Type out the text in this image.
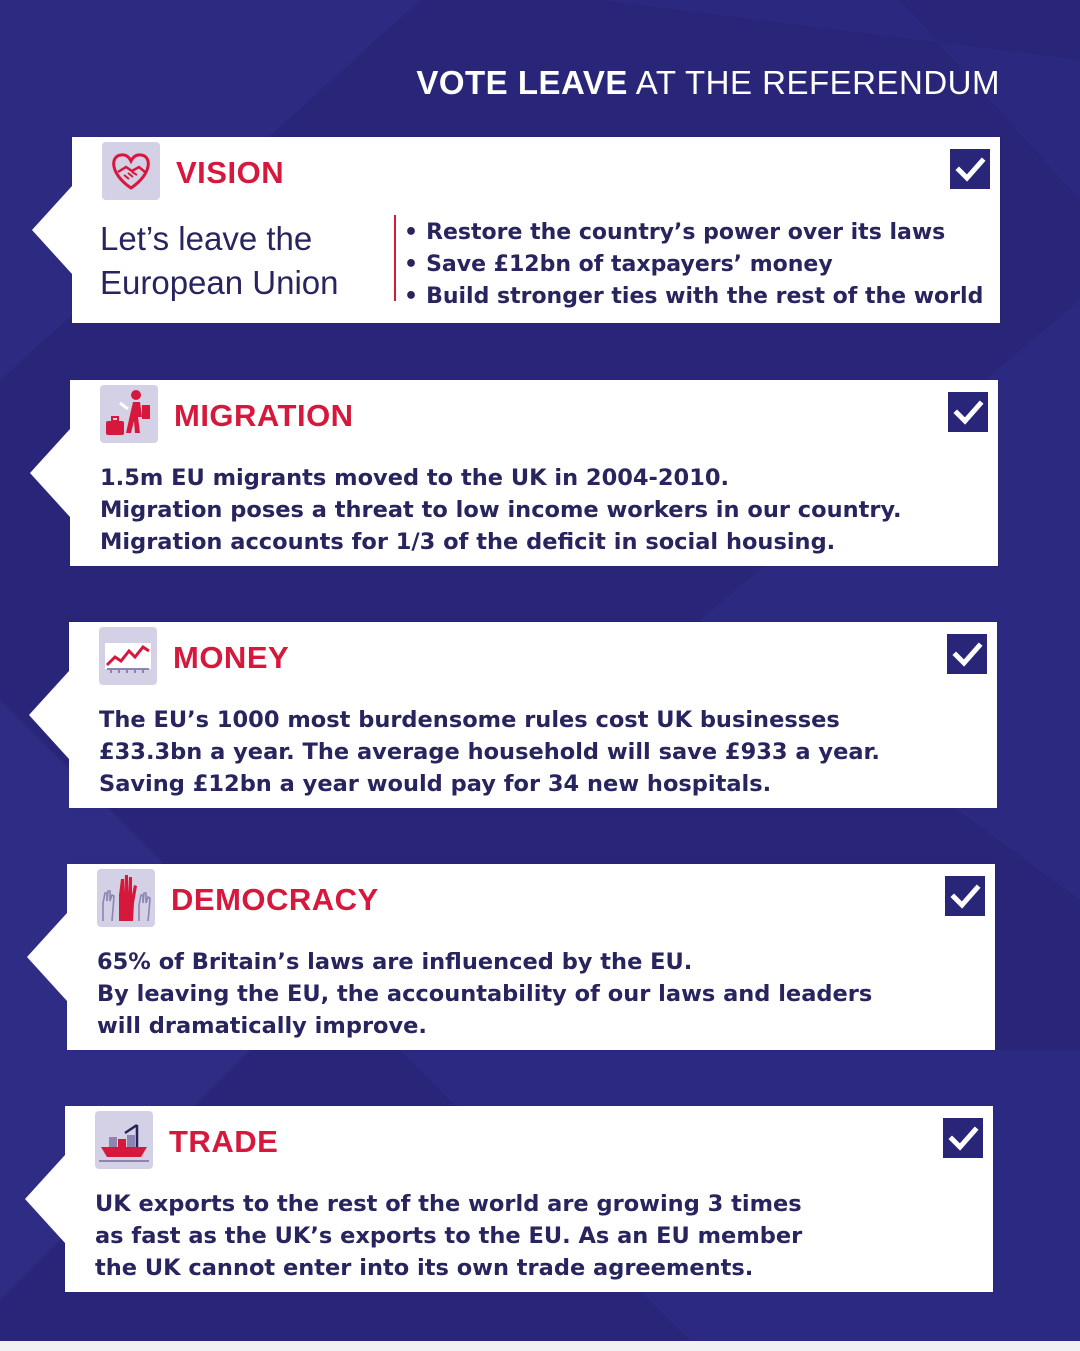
VOTE LEAVE AT THE REFERENDUM
VISION
Let’s leave the European Union
• Restore the country’s power over its laws
• Save £12bn of taxpayers’ money
• Build stronger ties with the rest of the world
MIGRATION
1.5m EU migrants moved to the UK in 2004-2010.
Migration poses a threat to low income workers in our country.
Migration accounts for 1/3 of the deficit in social housing.
MONEY
The EU’s 1000 most burdensome rules cost UK businesses
£33.3bn a year. The average household will save £933 a year.
Saving £12bn a year would pay for 34 new hospitals.
DEMOCRACY
65% of Britain’s laws are influenced by the EU.
By leaving the EU, the accountability of our laws and leaders
will dramatically improve.
TRADE
UK exports to the rest of the world are growing 3 times
as fast as the UK’s exports to the EU. As an EU member
the UK cannot enter into its own trade agreements.
